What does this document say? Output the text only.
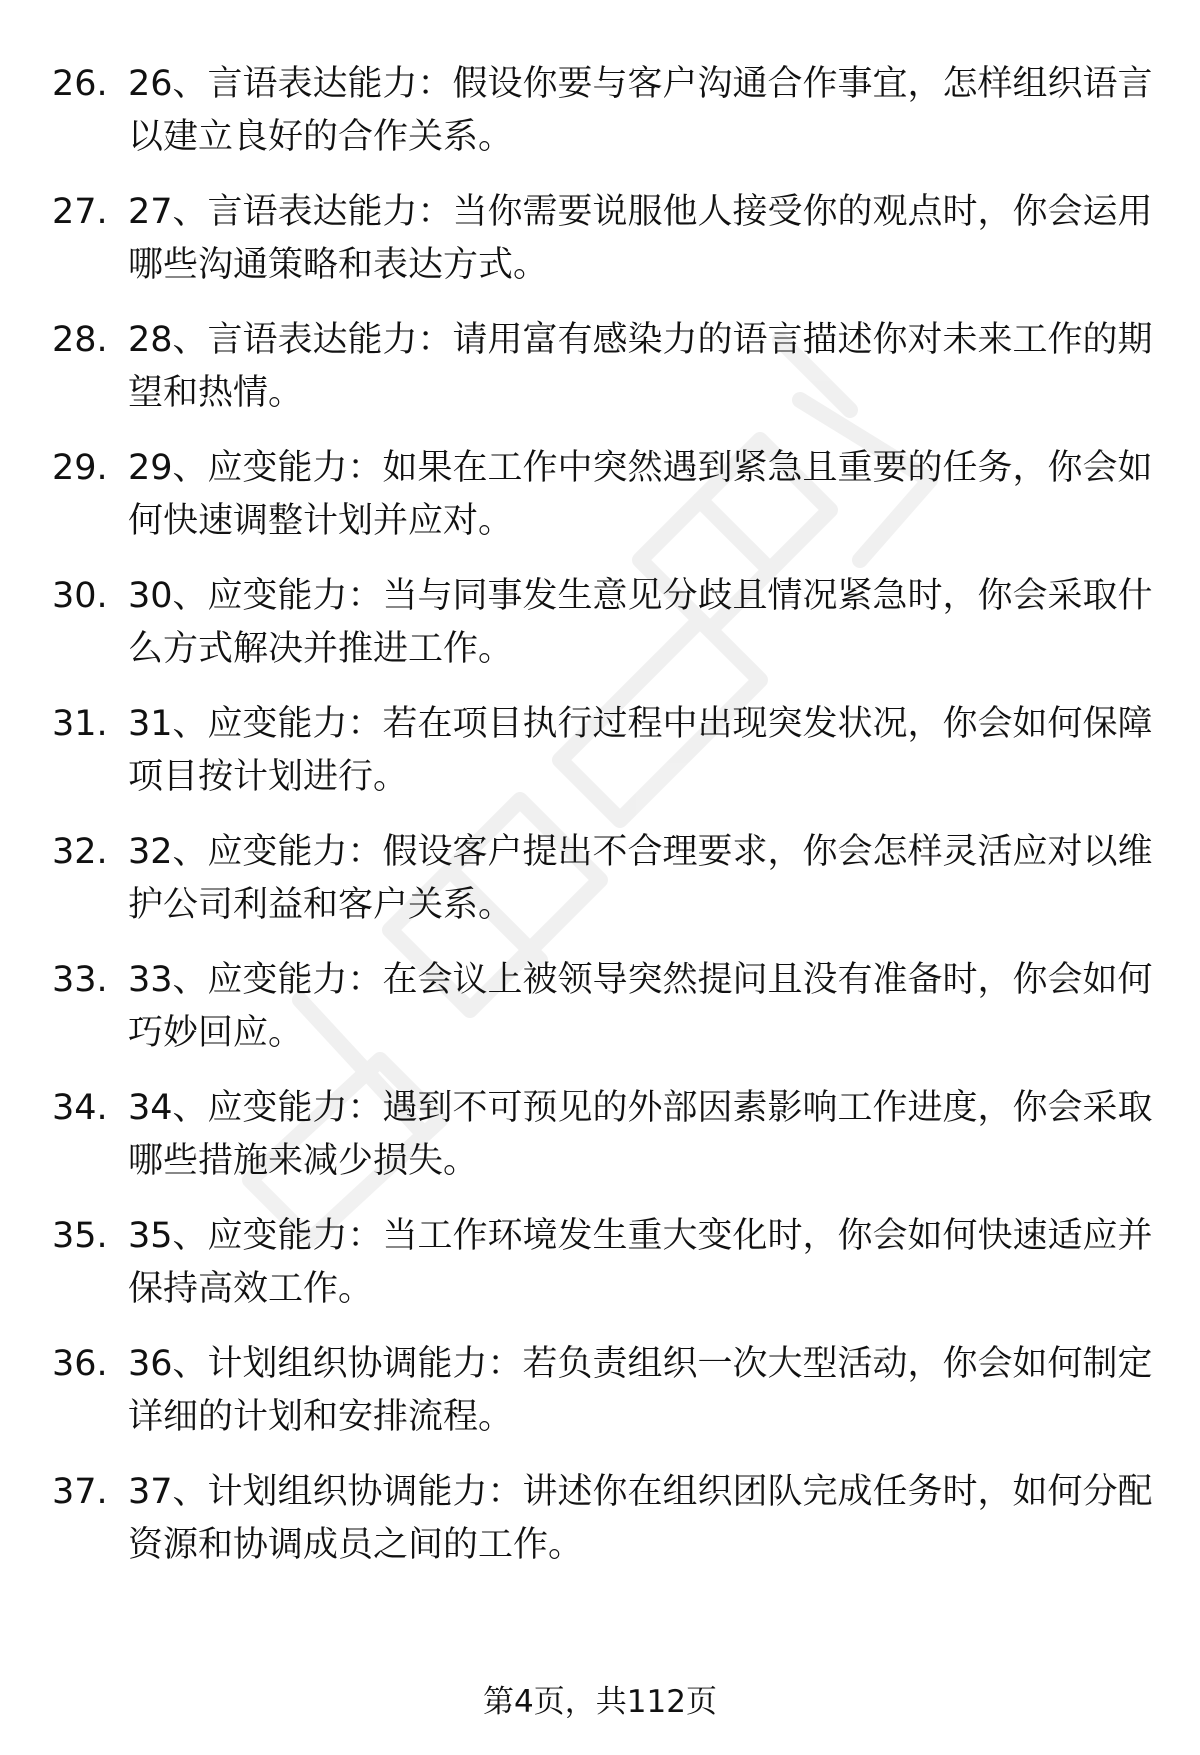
26. 26、言语表达能力：假设你要与客户沟通合作事宜，怎样组织语言以建立良好的合作关系。
27. 27、言语表达能力：当你需要说服他人接受你的观点时，你会运用哪些沟通策略和表达方式。
28. 28、言语表达能力：请用富有感染力的语言描述你对未来工作的期望和热情。
29. 29、应变能力：如果在工作中突然遇到紧急且重要的任务，你会如何快速调整计划并应对。
30. 30、应变能力：当与同事发生意见分歧且情况紧急时，你会采取什么方式解决并推进工作。
31. 31、应变能力：若在项目执行过程中出现突发状况，你会如何保障项目按计划进行。
32. 32、应变能力：假设客户提出不合理要求，你会怎样灵活应对以维护公司利益和客户关系。
33. 33、应变能力：在会议上被领导突然提问且没有准备时，你会如何巧妙回应。
34. 34、应变能力：遇到不可预见的外部因素影响工作进度，你会采取哪些措施来减少损失。
35. 35、应变能力：当工作环境发生重大变化时，你会如何快速适应并保持高效工作。
36. 36、计划组织协调能力：若负责组织一次大型活动，你会如何制定详细的计划和安排流程。
37. 37、计划组织协调能力：讲述你在组织团队完成任务时，如何分配资源和协调成员之间的工作。
第4页，共112页
